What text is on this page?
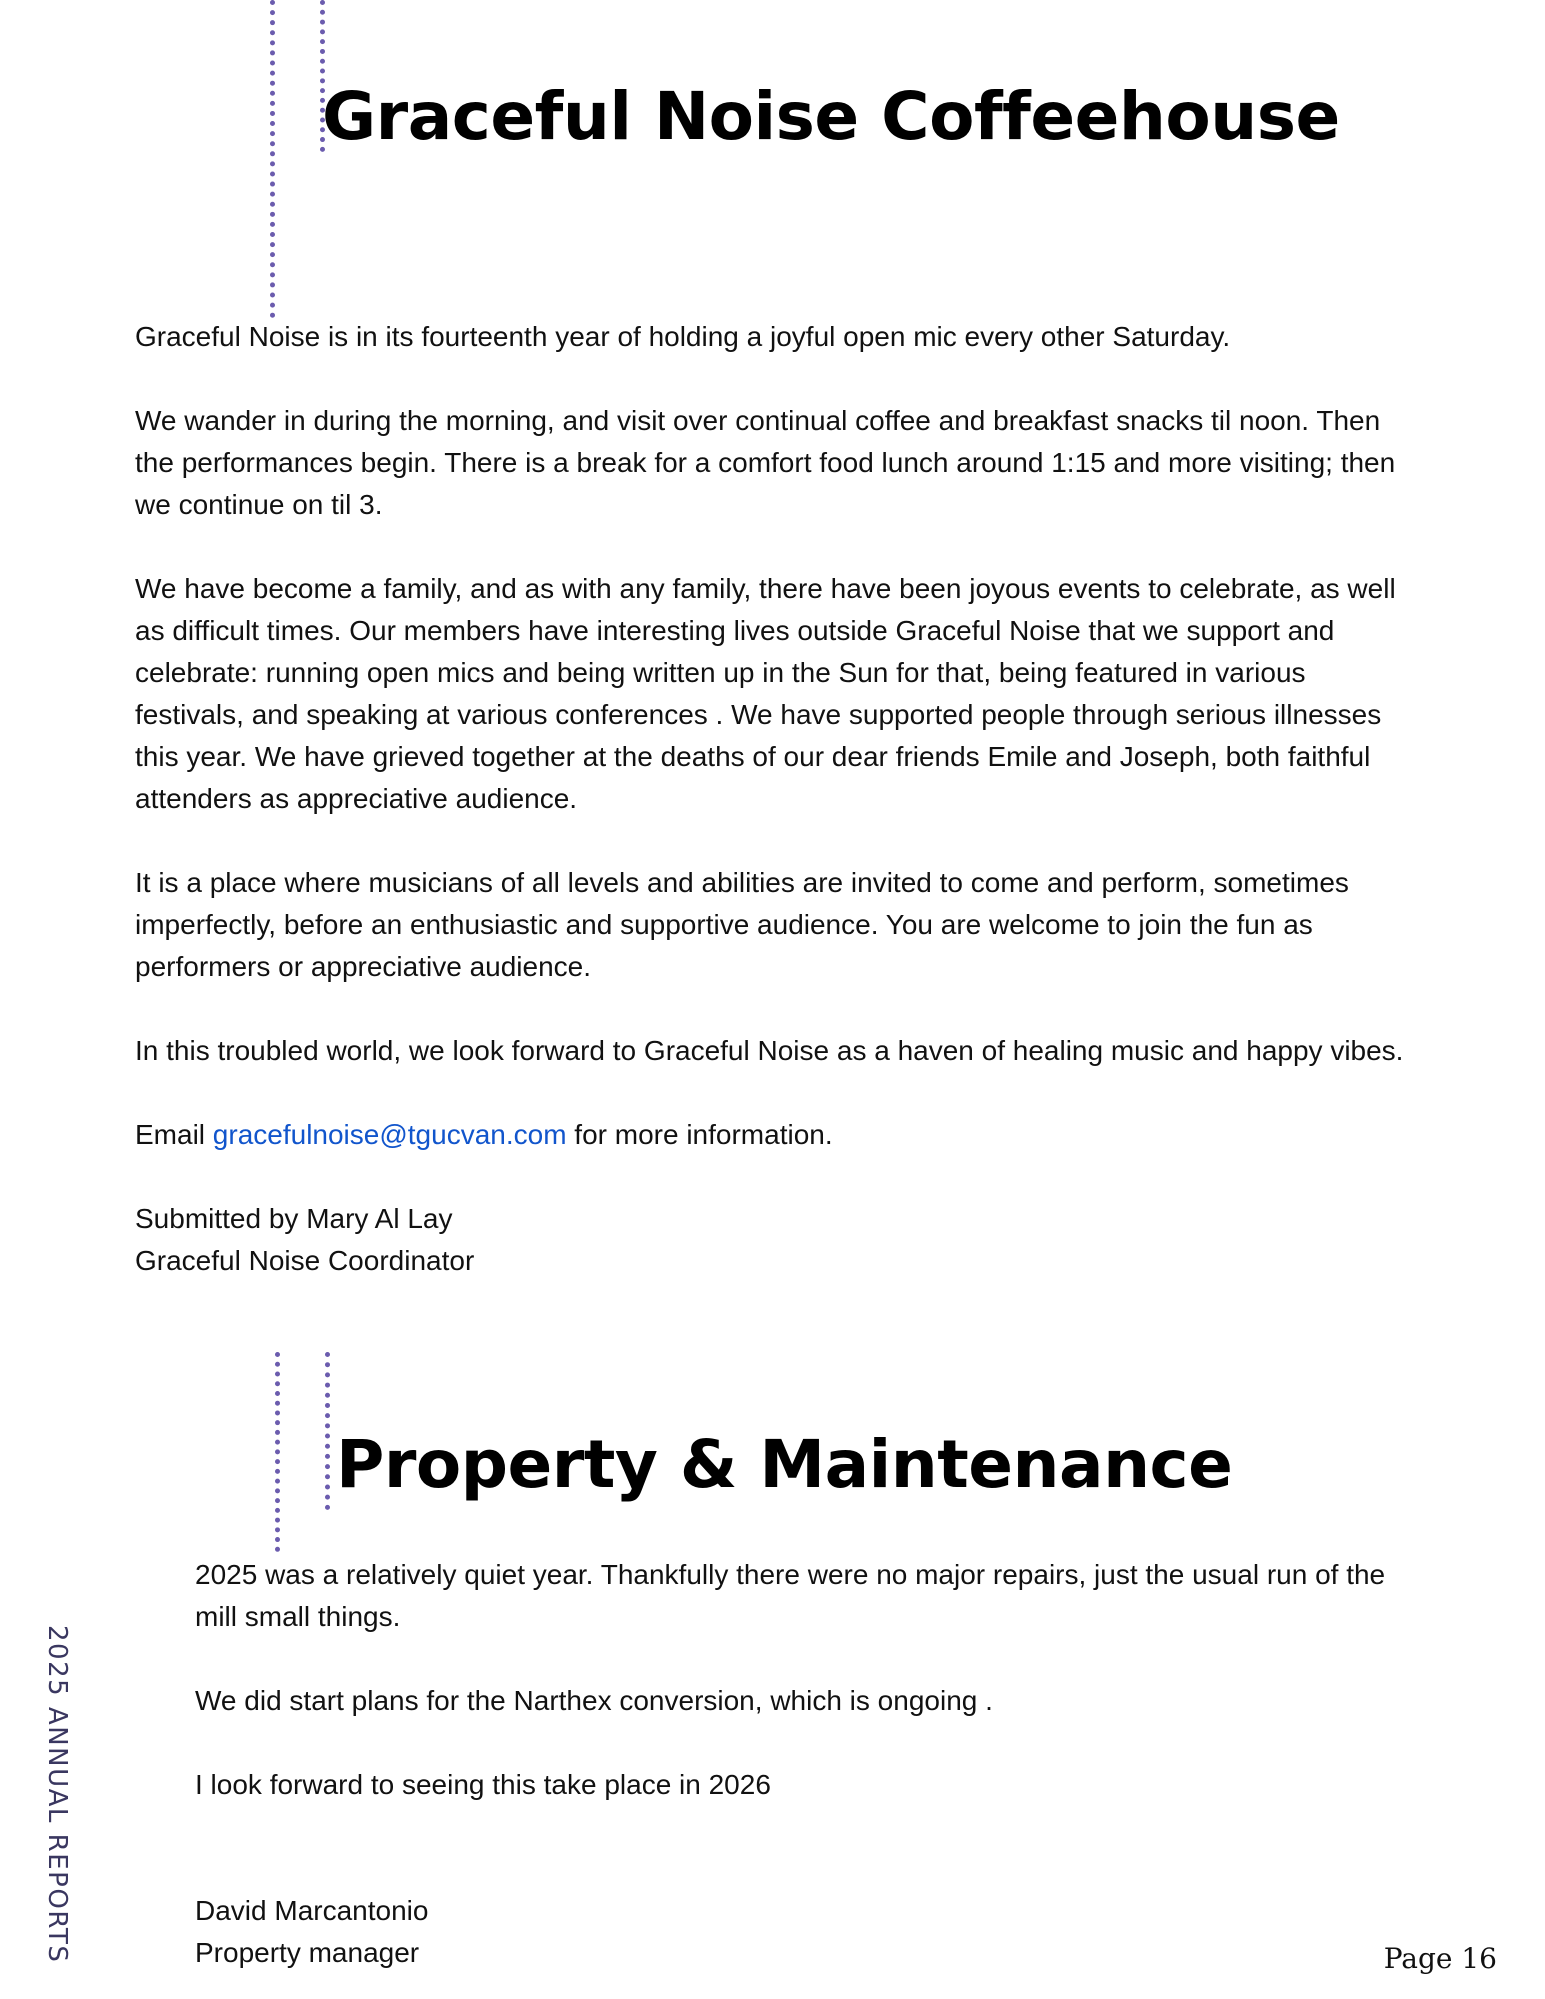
Graceful Noise Coffeehouse

Graceful Noise is in its fourteenth year of holding a joyful open mic every other Saturday.

We wander in during the morning, and visit over continual coffee and breakfast snacks til noon. Then the performances begin. There is a break for a comfort food lunch around 1:15 and more visiting; then we continue on til 3.

We have become a family, and as with any family, there have been joyous events to celebrate, as well as difficult times. Our members have interesting lives outside Graceful Noise that we support and celebrate: running open mics and being written up in the Sun for that, being featured in various festivals, and speaking at various conferences . We have supported people through serious illnesses this year. We have grieved together at the deaths of our dear friends Emile and Joseph, both faithful attenders as appreciative audience.

It is a place where musicians of all levels and abilities are invited to come and perform, sometimes imperfectly, before an enthusiastic and supportive audience. You are welcome to join the fun as performers or appreciative audience.

In this troubled world, we look forward to Graceful Noise as a haven of healing music and happy vibes.

Email gracefulnoise@tgucvan.com for more information.

Submitted by Mary Al Lay

Graceful Noise Coordinator

Property & Maintenance

2025 was a relatively quiet year. Thankfully there were no major repairs, just the usual run of the mill small things.

We did start plans for the Narthex conversion, which is ongoing .

I look forward to seeing this take place in 2026

David Marcantonio

Property manager

2025 ANNUAL REPORTS	Page 16
